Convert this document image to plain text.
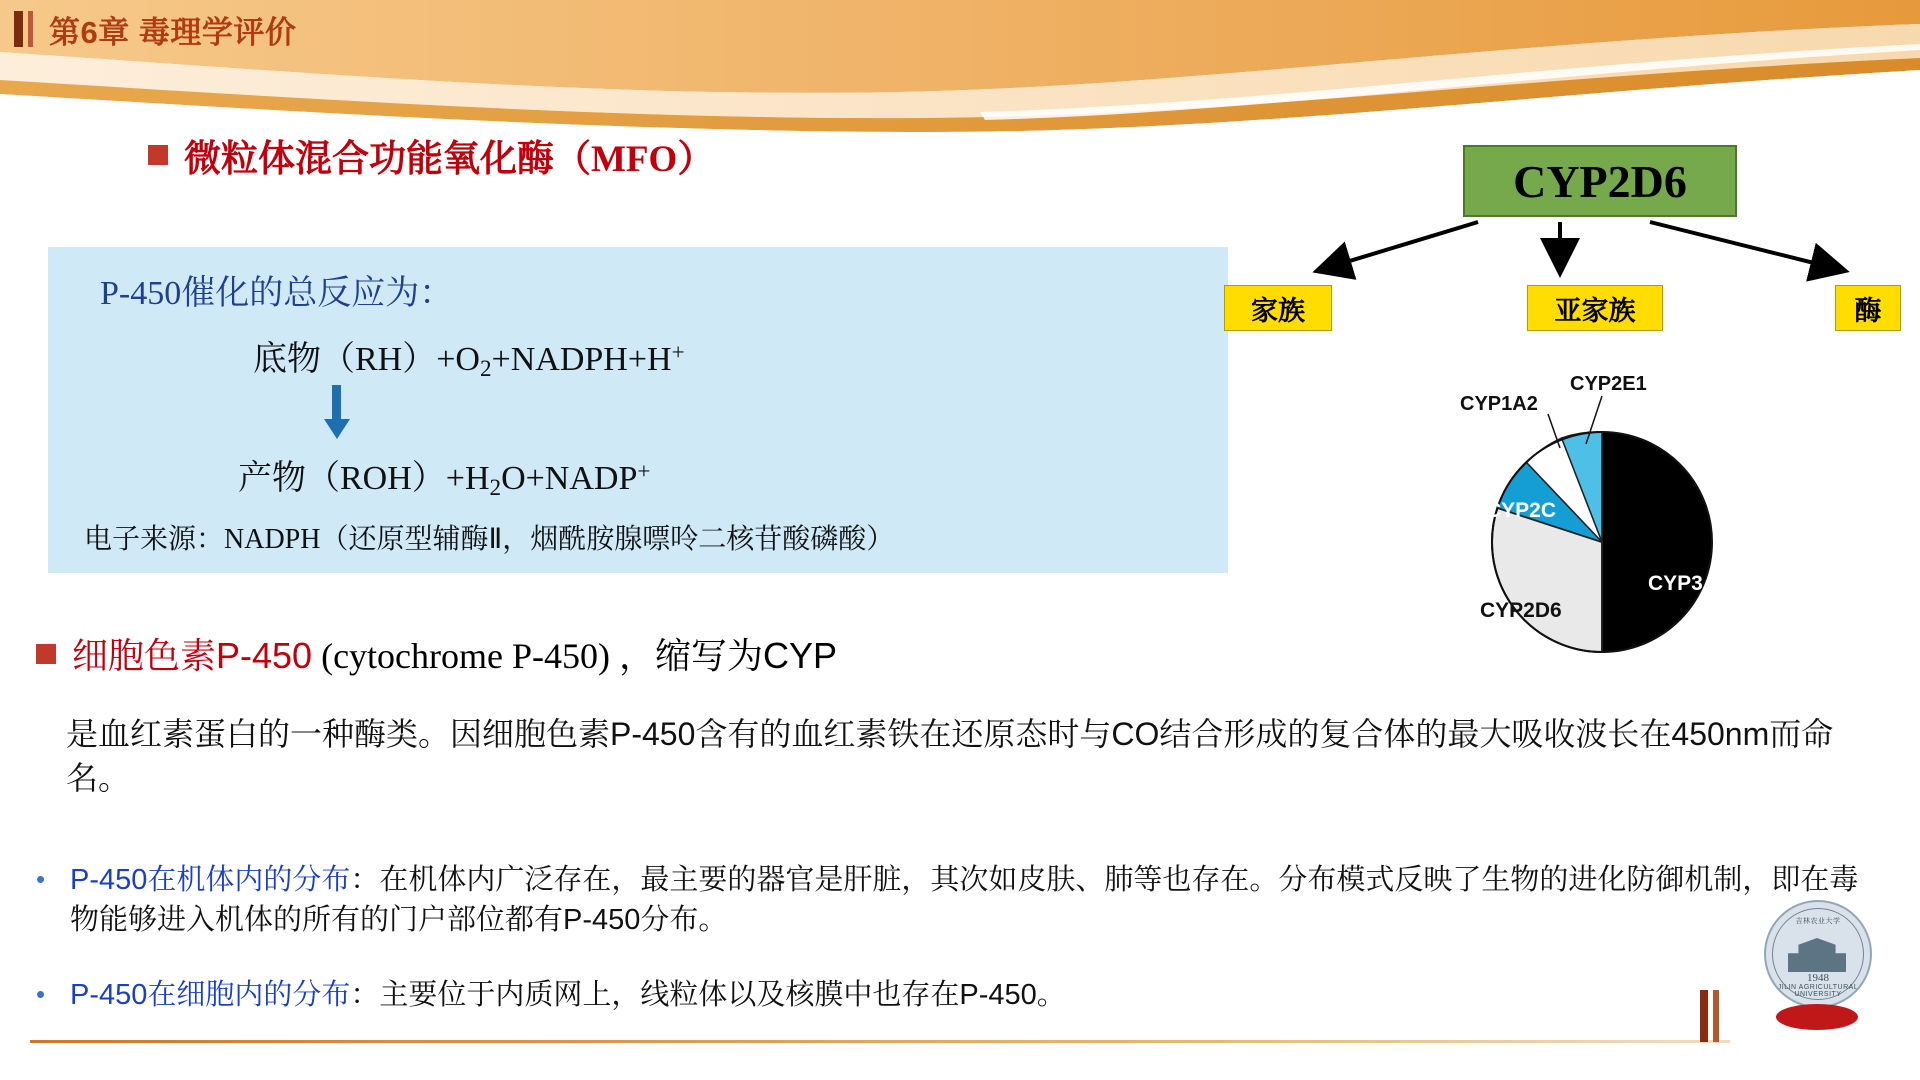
第6章 毒理学评价
微粒体混合功能氧化酶（MFO）
P-450催化的总反应为：
底物$(RH)+O_2+NADPH+H^+$
产物$(ROH)+H_2O+NADP^+$
电子来源：NADPH（还原型辅酶Ⅱ，烟酰胺腺嘌呤二核苷酸磷酸）
CYP2D6
家族	亚家族	酶
CYP3A
CYP2D6
CYP2C
CYP1A2
CYP2E1
细胞色素P-450 (cytochrome P-450) ，缩写为CYP
是血红素蛋白的一种酶类。因细胞色素P-450含有的血红素铁在还原态时与CO结合形成的复合体的最大吸收波长在450nm而命名。
• P-450在机体内的分布：在机体内广泛存在，最主要的器官是肝脏，其次如皮肤、肺等也存在。分布模式反映了生物的进化防御机制，即在毒物能够进入机体的所有的门户部位都有P-450分布。
• P-450在细胞内的分布：主要位于内质网上，线粒体以及核膜中也存在P-450。
吉林农业大学
1948
JILIN AGRICULTURAL UNIVERSITY
